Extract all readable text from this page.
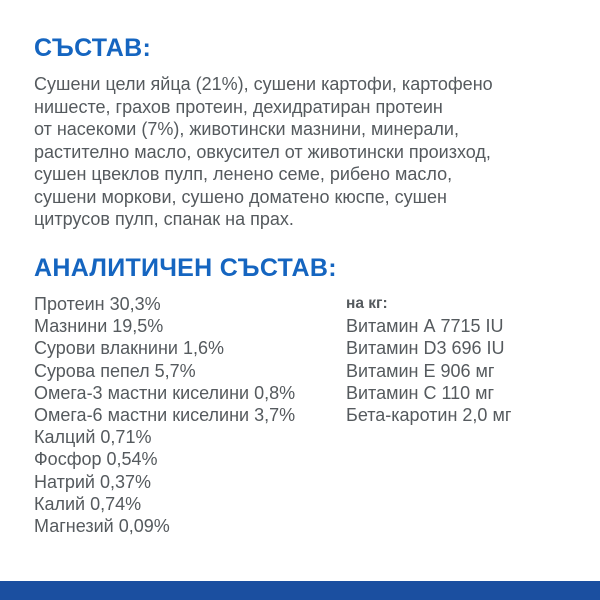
СЪСТАВ:
Сушени цели яйца (21%), сушени картофи, картофено
нишесте, грахов протеин, дехидратиран протеин
от насекоми (7%), животински мазнини, минерали,
растително масло, овкусител от животински произход,
сушен цвеклов пулп, ленено семе, рибено масло,
сушени моркови, сушено доматено кюспе, сушен
цитрусов пулп, спанак на прах.
АНАЛИТИЧЕН СЪСТАВ:
Протеин 30,3%
Мазнини 19,5%
Сурови влакнини 1,6%
Сурова пепел 5,7%
Омега-3 мастни киселини 0,8%
Омега-6 мастни киселини 3,7%
Калций 0,71%
Фосфор 0,54%
Натрий 0,37%
Калий 0,74%
Магнезий 0,09%
на кг:
Витамин А 7715 IU
Витамин D3 696 IU
Витамин Е 906 мг
Витамин С 110 мг
Бета-каротин 2,0 мг
